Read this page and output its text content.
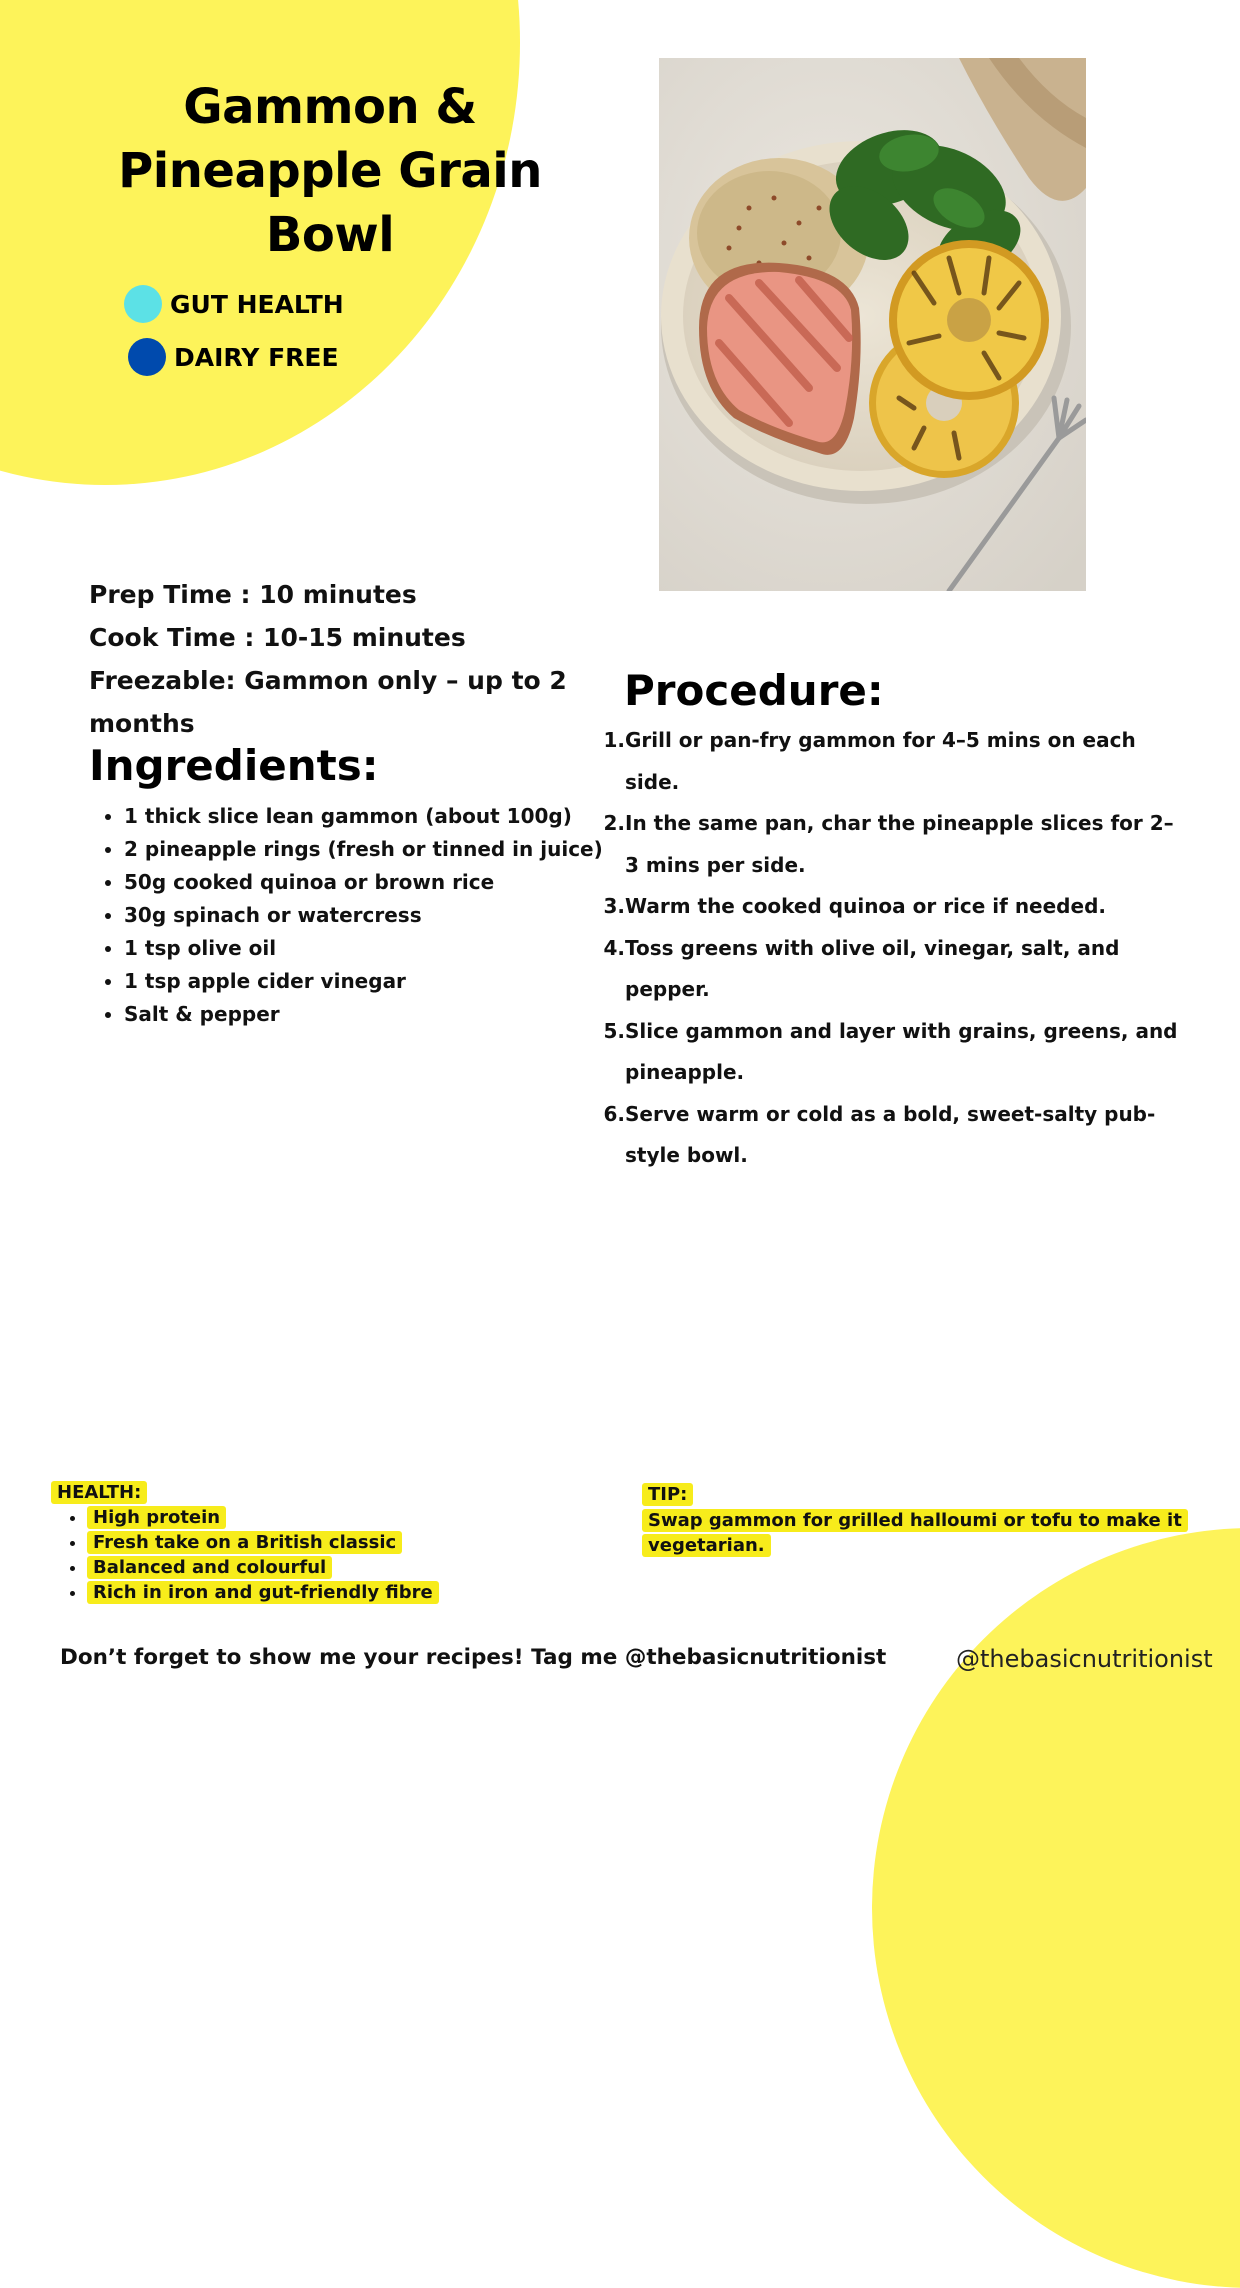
Gammon &
Pineapple Grain
Bowl
GUT HEALTH
DAIRY FREE
Prep Time : 10 minutes
Cook Time : 10-15 minutes
Freezable: Gammon only – up to 2 months
Ingredients:
• 1 thick slice lean gammon (about 100g)
• 2 pineapple rings (fresh or tinned in juice)
• 50g cooked quinoa or brown rice
• 30g spinach or watercress
• 1 tsp olive oil
• 1 tsp apple cider vinegar
• Salt & pepper
Procedure:
1. Grill or pan-fry gammon for 4–5 mins on each side.
2. In the same pan, char the pineapple slices for 2–3 mins per side.
3. Warm the cooked quinoa or rice if needed.
4. Toss greens with olive oil, vinegar, salt, and pepper.
5. Slice gammon and layer with grains, greens, and pineapple.
6. Serve warm or cold as a bold, sweet-salty pub-style bowl.
HEALTH:
• High protein
• Fresh take on a British classic
• Balanced and colourful
• Rich in iron and gut-friendly fibre
TIP:
Swap gammon for grilled halloumi or tofu to make it vegetarian.
Don’t forget to show me your recipes! Tag me @thebasicnutritionist	@thebasicnutritionist
